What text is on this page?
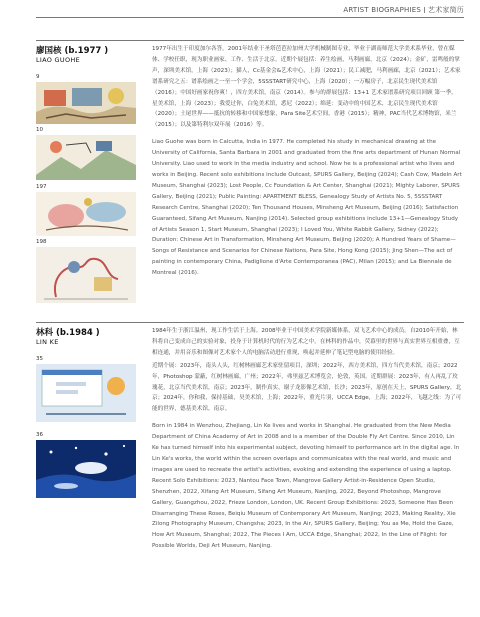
ARTIST BIOGRAPHIES 艺术家简历
廖国核 (b.1977 )
LIAO GUOHE
9
10
197
198

1977年出生于印度加尔各答，2001年结业于圣塔芭芭拉加州大学机械制图专业，毕业于湖南师范大学美术系毕业，曾在媒体、学校任职，现为职业画家、工作、生活于北京。近期个展包括：养生绘画，马利画廊，北京（2024）；金矿，雷鸣般的掌声，深圳美术馆，上海（2023）；猫人，Cc基金会&艺术中心，上海（2021）；民工减肥，马利画廊，北京（2021）；艺术家谱系研究之五：谱系绘画之一至一个学会，5SSSTART研究中心，上海（2020）；一万幅房子，北京民生现代美术馆（2016）；中国好画家祝你爽！，四方美术馆，南京（2014）。参与的群展包括：13+1 艺术家谱系研究项目回顾 第一季，星美术馆，上海（2023）；我爱过你，白兔美术馆，悉尼（2022）；绵延：变动中的中国艺术，北京民生现代美术馆（2020）；土尾世界——抵抗的转移和中国家想象，Para Site艺术空间，香港（2015）；精神，PAC当代艺术博物馆，米兰（2015）；以及第特利尔双年展（2016）等。

Liao Guohe was born in Calcutta, India in 1977. He completed his study in mechanical drawing at the University of California, Santa Barbara in 2001 and graduated from the fine arts department of Hunan Normal University. Liao used to work in the media industry and school. Now he is a professional artist who lives and works in Beijing. Recent solo exhibitions include Outcast, SPURS Gallery, Beijing (2024); Cash Cow, Madeln Art Museum, Shanghai (2023); Lost People, Cc Foundation & Art Center, Shanghai (2021); Mighty Laborer, SPURS Gallery, Beijing (2021); Public Painting: APARTMENT BLESS, Genealogy Study of Artists No. 5, 5SSSTART Research Centre, Shanghai (2020); Ten Thousand Houses, Minsheng Art Museum, Beijing (2016); Satisfaction Guaranteed, Sifang Art Museum, Nanjing (2014). Selected group exhibitions include 13+1—Genealogy Study of Artists Season 1, Start Museum, Shanghai (2023); I Loved You, White Rabbit Gallery, Sidney (2022); Duration: Chinese Art in Transformation, Minsheng Art Museum, Beijing (2020); A Hundred Years of Shame—Songs of Resistance and Scenarios for Chinese Nations, Para Site, Hong Kong (2015); Jing Shen—The act of painting in contemporary China, Padiglione d'Arte Contemporanea (PAC), Milan (2015); and La Biennale de Montreal (2016).

林科 (b.1984 )
LIN KE
35
36

1984年生于浙江温州，现工作生活于上海。2008毕业于中国美术学院新媒体系，双飞艺术中心的成员。自2010年开始，林科将自己变成自己的实验对象，投身于计算机时代的行为艺术之中。在林科的作品中，荧幕里的世界与真实世界互相重叠，互相连通，并用音乐和图像对艺术家个人的电脑活动进行重现，唤起并延伸了笔记型电脑的使用经验。

近期个展：2023年，南头人头，红树林画廊艺术家驻留项目，深圳；2022年，西方美术馆，四方当代美术馆，南京；2022年，Photoshop 蒙蔽，红树林画廊，广州；2022年，弗里兹艺术博览会，伦敦，英国。近期群展：2023年，有人再乱了玫瑰花，北京当代美术馆，南京；2023年，制作真实，谢子龙影像艺术馆，长沙；2023年，原创在天上，SPURS Gallery，北京；2024年，你和我，保持基础，昊美术馆，上海；2022年，重光片羽，UCCA Edge，上海；2022年，飞越之线：为了可能的世界，德基美术馆，南京。

Born in 1984 in Wenzhou, Zhejiang, Lin Ke lives and works in Shanghai. He graduated from the New Media Department of China Academy of Art in 2008 and is a member of the Double Fly Art Centre. Since 2010, Lin Ke has turned himself into his experimental subject, devoting himself to performance art in the digital age. In Lin Ke's works, the world within the screen overlaps and communicates with the real world, and music and images are used to recreate the artist's activities, evoking and extending the experience of using a laptop.

Recent Solo Exhibitions: 2023, Nantou Face Town, Mangrove Gallery Artist-in-Residence Open Studio, Shenzhen, 2022, Xifang Art Museum, Sifang Art Museum, Nanjing, 2022, Beyond Photoshop, Mangrove Gallery, Guangzhou, 2022, Frieze London, London, UK. Recent Group Exhibitions: 2023, Someone Has Been Disarranging These Roses, Beiqiu Museum of Contemporary Art Museum, Nanjing; 2023, Making Reality, Xie Zilong Photography Museum, Changsha; 2023, In the Air, SPURS Gallery, Beijing; You as Me, Hold the Gaze, How Art Museum, Shanghai; 2022, The Pieces I Am, UCCA Edge, Shanghai; 2022, In the Line of Flight: for Possible Worlds, Deji Art Museum, Nanjing.
